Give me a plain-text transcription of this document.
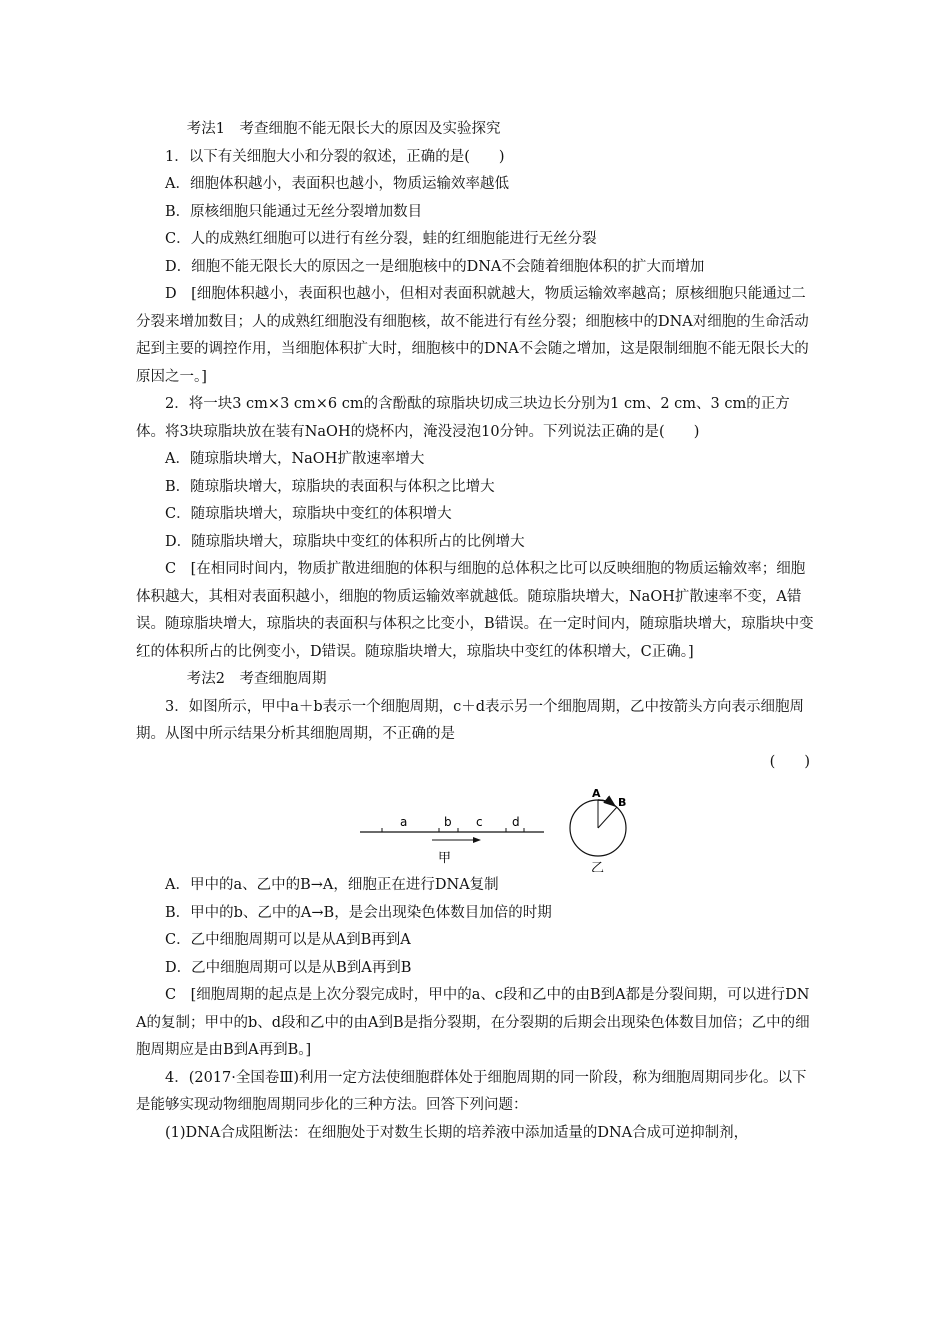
考法1　考查细胞不能无限长大的原因及实验探究

1．以下有关细胞大小和分裂的叙述，正确的是(　　)

A．细胞体积越小，表面积也越小，物质运输效率越低

B．原核细胞只能通过无丝分裂增加数目

C．人的成熟红细胞可以进行有丝分裂，蛙的红细胞能进行无丝分裂

D．细胞不能无限长大的原因之一是细胞核中的DNA不会随着细胞体积的扩大而增加

D　[细胞体积越小，表面积也越小，但相对表面积就越大，物质运输效率越高；原核细胞只能通过二分裂来增加数目；人的成熟红细胞没有细胞核，故不能进行有丝分裂；细胞核中的DNA对细胞的生命活动起到主要的调控作用，当细胞体积扩大时，细胞核中的DNA不会随之增加，这是限制细胞不能无限长大的原因之一。]

2．将一块3 cm×3 cm×6 cm的含酚酞的琼脂块切成三块边长分别为1 cm、2 cm、3 cm的正方体。将3块琼脂块放在装有NaOH的烧杯内，淹没浸泡10分钟。下列说法正确的是(　　)

A．随琼脂块增大，NaOH扩散速率增大

B．随琼脂块增大，琼脂块的表面积与体积之比增大

C．随琼脂块增大，琼脂块中变红的体积增大

D．随琼脂块增大，琼脂块中变红的体积所占的比例增大

C　[在相同时间内，物质扩散进细胞的体积与细胞的总体积之比可以反映细胞的物质运输效率；细胞体积越大，其相对表面积越小，细胞的物质运输效率就越低。随琼脂块增大，NaOH扩散速率不变，A错误。随琼脂块增大，琼脂块的表面积与体积之比变小，B错误。在一定时间内，随琼脂块增大，琼脂块中变红的体积所占的比例变小，D错误。随琼脂块增大，琼脂块中变红的体积增大，C正确。]

考法2　考查细胞周期

3．如图所示，甲中a＋b表示一个细胞周期，c＋d表示另一个细胞周期，乙中按箭头方向表示细胞周期。从图中所示结果分析其细胞周期，不正确的是

(　　)

a	b c d
甲
A
B
乙

A．甲中的a、乙中的B→A，细胞正在进行DNA复制

B．甲中的b、乙中的A→B，是会出现染色体数目加倍的时期

C．乙中细胞周期可以是从A到B再到A

D．乙中细胞周期可以是从B到A再到B

C　[细胞周期的起点是上次分裂完成时，甲中的a、c段和乙中的由B到A都是分裂间期，可以进行DNA的复制；甲中的b、d段和乙中的由A到B是指分裂期，在分裂期的后期会出现染色体数目加倍；乙中的细胞周期应是由B到A再到B。]

4．(2017·全国卷Ⅲ)利用一定方法使细胞群体处于细胞周期的同一阶段，称为细胞周期同步化。以下是能够实现动物细胞周期同步化的三种方法。回答下列问题：

(1)DNA合成阻断法：在细胞处于对数生长期的培养液中添加适量的DNA合成可逆抑制剂，
